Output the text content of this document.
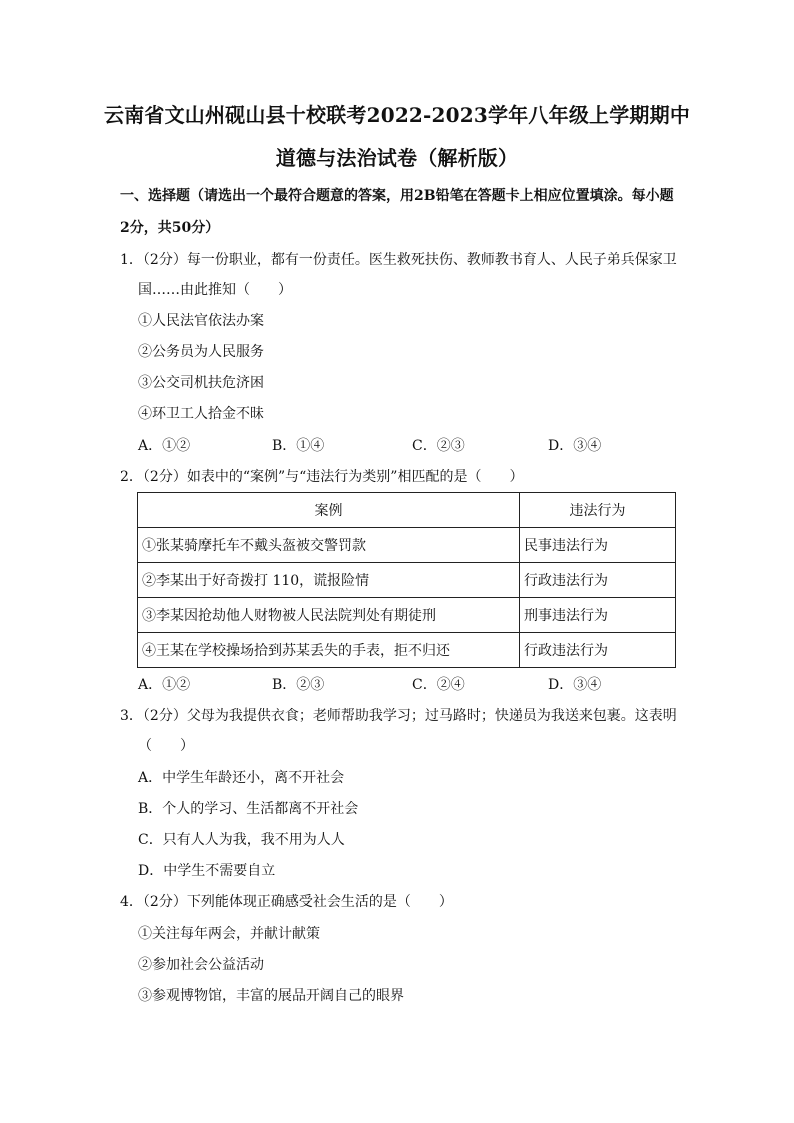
云南省文山州砚山县十校联考2022-2023学年八年级上学期期中
道德与法治试卷（解析版）
一、选择题（请选出一个最符合题意的答案，用2B铅笔在答题卡上相应位置填涂。每小题
2分，共50分）
1．（2分）每一份职业，都有一份责任。医生救死扶伤、教师教书育人、人民子弟兵保家卫
国……由此推知（　　）
①人民法官依法办案
②公务员为人民服务
③公交司机扶危济困
④环卫工人拾金不昧
A．①②	B．①④	C．②③	D．③④
2．（2分）如表中的“案例”与“违法行为类别”相匹配的是（　　）
案例	违法行为
①张某骑摩托车不戴头盔被交警罚款	民事违法行为
②李某出于好奇拨打 110，谎报险情	行政违法行为
③李某因抢劫他人财物被人民法院判处有期徒刑	刑事违法行为
④王某在学校操场拾到苏某丢失的手表，拒不归还	行政违法行为
A．①②	B．②③	C．②④	D．③④
3．（2分）父母为我提供衣食；老师帮助我学习；过马路时；快递员为我送来包裹。这表明
（　　）
A．中学生年龄还小，离不开社会
B．个人的学习、生活都离不开社会
C．只有人人为我，我不用为人人
D．中学生不需要自立
4．（2分）下列能体现正确感受社会生活的是（　　）
①关注每年两会，并献计献策
②参加社会公益活动
③参观博物馆，丰富的展品开阔自己的眼界
